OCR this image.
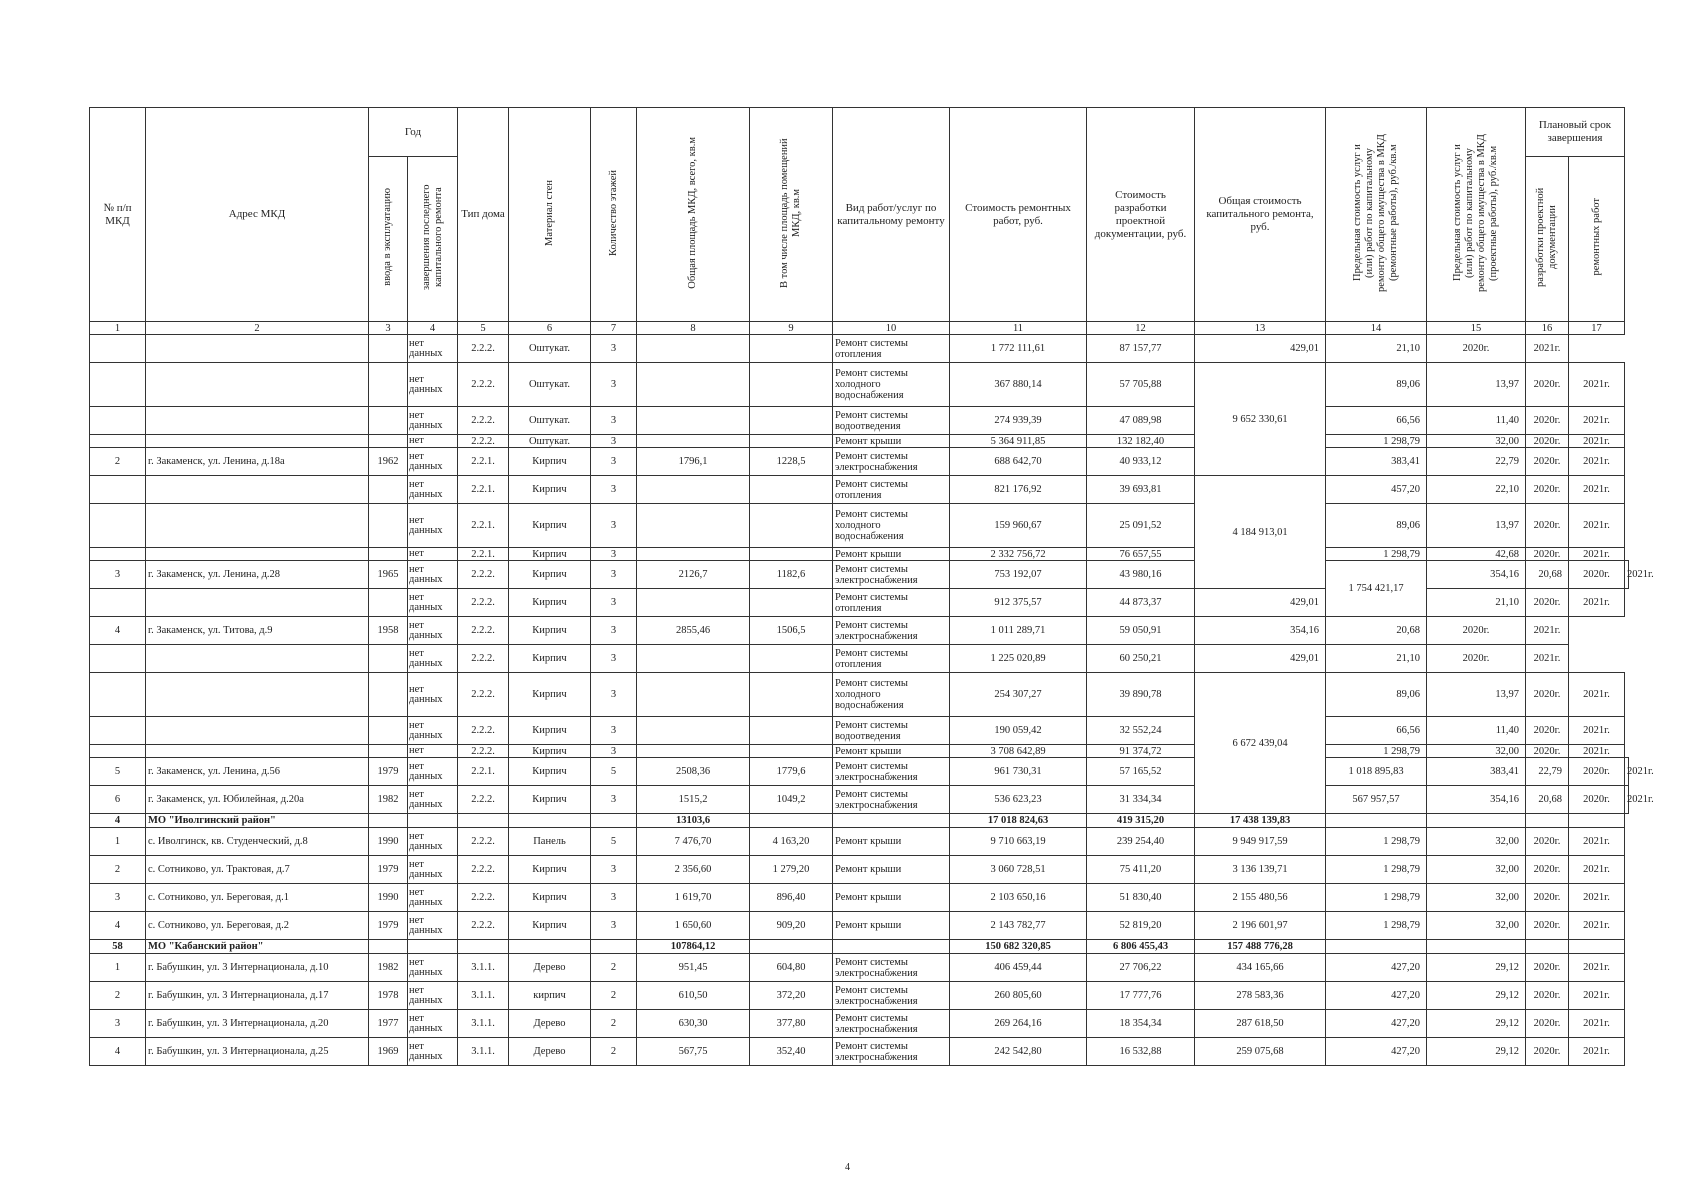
№ п/п МКД	Адрес МКД	Год		Тип дома	Материал стен	Количество этажей	Общая площадь МКД, всего, кв.м	В том числе площадь помещений МКД, кв.м	Вид работ/услуг по капитальному ремонту	Стоимость ремонтных работ, руб.	Стоимость разработки проектной документации, руб.	Общая стоимость капитального ремонта, руб.	Предельная стоимость услуг и (или) работ по капитальному ремонту общего имущества в МКД (ремонтные работы), руб./кв.м	Предельная стоимость услуг и (или) работ по капитальному ремонту общего имущества в МКД (проектные работы), руб./кв.м	Плановый срок завершения		
		ввода в эксплуатацию	завершения последнего капитального ремонта												разработки проектной документации	ремонтных работ	
1	2	3	4	5	6	7	8	9	10	11	12	13	14	15	16	17	
			нет данных	2.2.2.	Оштукат.	3			Ремонт системы отопления	1 772 111,61	87 157,77	429,01	21,10	2020г.	2021г.		
			нет данных	2.2.2.	Оштукат.	3			Ремонт системы холодного водоснабжения	367 880,14	57 705,88	9 652 330,61	89,06	13,97	2020г.	2021г.	
			нет данных	2.2.2.	Оштукат.	3			Ремонт системы водоотведения	274 939,39	47 089,98		66,56	11,40	2020г.	2021г.	
			нет	2.2.2.	Оштукат.	3			Ремонт крыши	5 364 911,85	132 182,40		1 298,79	32,00	2020г.	2021г.	
2	г. Закаменск, ул. Ленина, д.18а	1962	нет данных	2.2.1.	Кирпич	3	1796,1	1228,5	Ремонт системы электроснабжения	688 642,70	40 933,12		383,41	22,79	2020г.	2021г.	
			нет данных	2.2.1.	Кирпич	3			Ремонт системы отопления	821 176,92	39 693,81	4 184 913,01	457,20	22,10	2020г.	2021г.	
			нет данных	2.2.1.	Кирпич	3			Ремонт системы холодного водоснабжения	159 960,67	25 091,52		89,06	13,97	2020г.	2021г.	
			нет	2.2.1.	Кирпич	3			Ремонт крыши	2 332 756,72	76 657,55		1 298,79	42,68	2020г.	2021г.	
3	г. Закаменск, ул. Ленина, д.28	1965	нет данных	2.2.2.	Кирпич	3	2126,7	1182,6	Ремонт системы электроснабжения	753 192,07	43 980,16		1 754 421,17	354,16	20,68	2020г.	2021г.
			нет данных	2.2.2.	Кирпич	3			Ремонт системы отопления	912 375,57	44 873,37	429,01		21,10	2020г.	2021г.	
4	г. Закаменск, ул. Титова, д.9	1958	нет данных	2.2.2.	Кирпич	3	2855,46	1506,5	Ремонт системы электроснабжения	1 011 289,71	59 050,91	354,16	20,68	2020г.	2021г.		
			нет данных	2.2.2.	Кирпич	3			Ремонт системы отопления	1 225 020,89	60 250,21	429,01	21,10	2020г.	2021г.		
			нет данных	2.2.2.	Кирпич	3			Ремонт системы холодного водоснабжения	254 307,27	39 890,78	6 672 439,04	89,06	13,97	2020г.	2021г.	
			нет данных	2.2.2.	Кирпич	3			Ремонт системы водоотведения	190 059,42	32 552,24		66,56	11,40	2020г.	2021г.	
			нет	2.2.2.	Кирпич	3			Ремонт крыши	3 708 642,89	91 374,72		1 298,79	32,00	2020г.	2021г.	
5	г. Закаменск, ул. Ленина, д.56	1979	нет данных	2.2.1.	Кирпич	5	2508,36	1779,6	Ремонт системы электроснабжения	961 730,31	57 165,52		1 018 895,83	383,41	22,79	2020г.	2021г.
6	г. Закаменск, ул. Юбилейная, д.20а	1982	нет данных	2.2.2.	Кирпич	3	1515,2	1049,2	Ремонт системы электроснабжения	536 623,23	31 334,34		567 957,57	354,16	20,68	2020г.	2021г.
4	МО "Иволгинский район"						13103,6			17 018 824,63	419 315,20	17 438 139,83					
1	с. Иволгинск, кв. Студенческий, д.8	1990	нет данных	2.2.2.	Панель	5	7 476,70	4 163,20	Ремонт крыши	9 710 663,19	239 254,40	9 949 917,59	1 298,79	32,00	2020г.	2021г.	
2	с. Сотниково, ул. Трактовая, д.7	1979	нет данных	2.2.2.	Кирпич	3	2 356,60	1 279,20	Ремонт крыши	3 060 728,51	75 411,20	3 136 139,71	1 298,79	32,00	2020г.	2021г.	
3	с. Сотниково, ул. Береговая, д.1	1990	нет данных	2.2.2.	Кирпич	3	1 619,70	896,40	Ремонт крыши	2 103 650,16	51 830,40	2 155 480,56	1 298,79	32,00	2020г.	2021г.	
4	с. Сотниково, ул. Береговая, д.2	1979	нет данных	2.2.2.	Кирпич	3	1 650,60	909,20	Ремонт крыши	2 143 782,77	52 819,20	2 196 601,97	1 298,79	32,00	2020г.	2021г.	
58	МО "Кабанский район"						107864,12			150 682 320,85	6 806 455,43	157 488 776,28					
1	г. Бабушкин, ул. 3 Интернационала, д.10	1982	нет данных	3.1.1.	Дерево	2	951,45	604,80	Ремонт системы электроснабжения	406 459,44	27 706,22	434 165,66	427,20	29,12	2020г.	2021г.	
2	г. Бабушкин, ул. 3 Интернационала, д.17	1978	нет данных	3.1.1.	кирпич	2	610,50	372,20	Ремонт системы электроснабжения	260 805,60	17 777,76	278 583,36	427,20	29,12	2020г.	2021г.	
3	г. Бабушкин, ул. 3 Интернационала, д.20	1977	нет данных	3.1.1.	Дерево	2	630,30	377,80	Ремонт системы электроснабжения	269 264,16	18 354,34	287 618,50	427,20	29,12	2020г.	2021г.	
4	г. Бабушкин, ул. 3 Интернационала, д.25	1969	нет данных	3.1.1.	Дерево	2	567,75	352,40	Ремонт системы электроснабжения	242 542,80	16 532,88	259 075,68	427,20	29,12	2020г.	2021г.	
4
